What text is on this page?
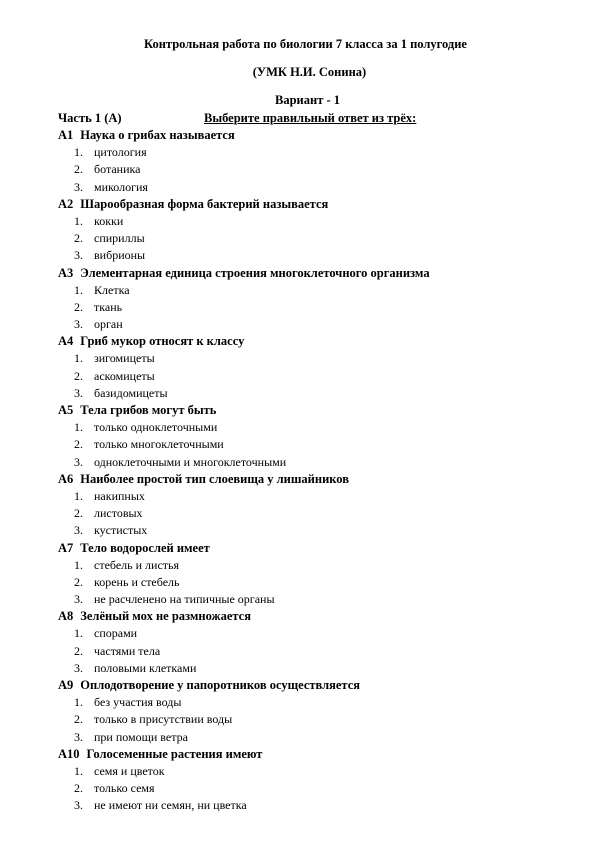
Контрольная работа по биологии 7 класса за 1 полугодие
(УМК Н.И. Сонина)
Вариант - 1
Часть 1 (А)	Выберите правильный ответ из трёх:
А1 Наука о грибах называется
1. цитология
2. ботаника
3. микология
А2 Шарообразная форма бактерий называется
1. кокки
2. спириллы
3. вибрионы
А3 Элементарная единица строения многоклеточного организма
1. Клетка
2. ткань
3. орган
А4 Гриб мукор относят к классу
1. зигомицеты
2. аскомицеты
3. базидомицеты
А5 Тела грибов могут быть
1. только одноклеточными
2. только многоклеточными
3. одноклеточными и многоклеточными
А6 Наиболее простой тип слоевища у лишайников
1. накипных
2. листовых
3. кустистых
А7 Тело водорослей имеет
1. стебель и листья
2. корень и стебель
3. не расчленено на типичные органы
А8 Зелёный мох не размножается
1. спорами
2. частями тела
3. половыми клетками
А9 Оплодотворение у папоротников осуществляется
1. без участия воды
2. только в присутствии воды
3. при помощи ветра
А10 Голосеменные растения имеют
1. семя и цветок
2. только семя
3. не имеют ни семян, ни цветка
